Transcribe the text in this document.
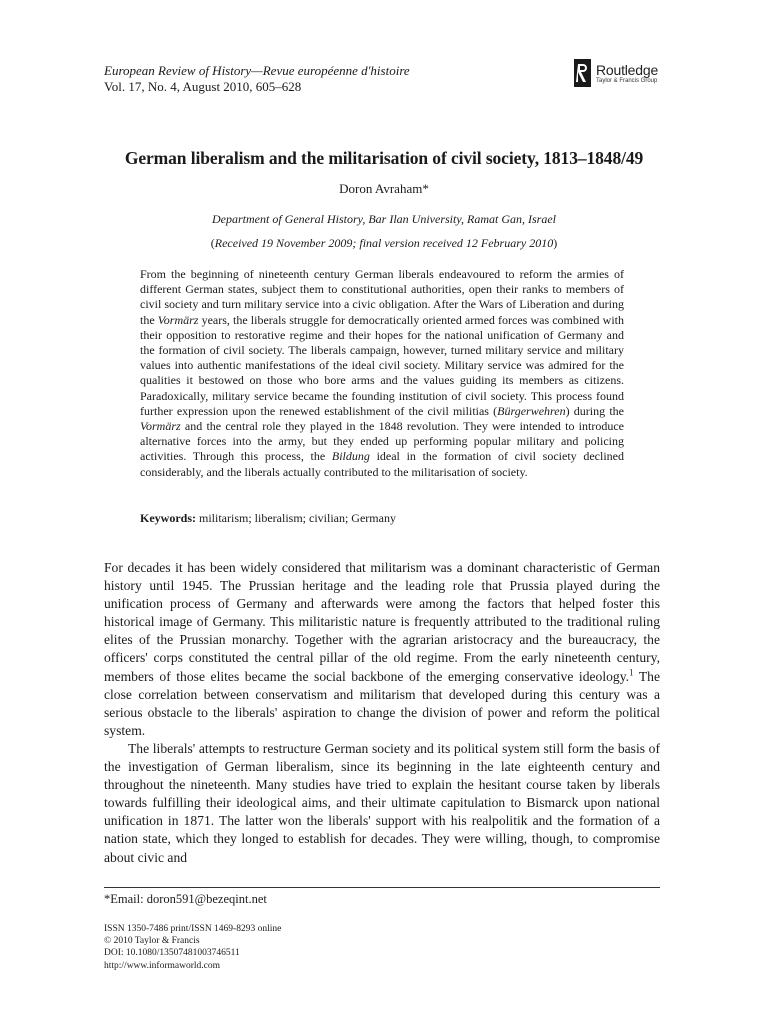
European Review of History—Revue européenne d'histoire
Vol. 17, No. 4, August 2010, 605–628
Routledge
Taylor & Francis Group
German liberalism and the militarisation of civil society, 1813–1848/49
Doron Avraham*
Department of General History, Bar Ilan University, Ramat Gan, Israel
(Received 19 November 2009; final version received 12 February 2010)

From the beginning of nineteenth century German liberals endeavoured to reform the armies of different German states, subject them to constitutional authorities, open their ranks to members of civil society and turn military service into a civic obligation. After the Wars of Liberation and during the Vormärz years, the liberals struggle for democratically oriented armed forces was combined with their opposition to restorative regime and their hopes for the national unification of Germany and the formation of civil society. The liberals campaign, however, turned military service and military values into authentic manifestations of the ideal civil society. Military service was admired for the qualities it bestowed on those who bore arms and the values guiding its members as citizens. Paradoxically, military service became the founding institution of civil society. This process found further expression upon the renewed establishment of the civil militias (Bürgerwehren) during the Vormärz and the central role they played in the 1848 revolution. They were intended to introduce alternative forces into the army, but they ended up performing popular military and policing activities. Through this process, the Bildung ideal in the formation of civil society declined considerably, and the liberals actually contributed to the militarisation of society.

Keywords: militarism; liberalism; civilian; Germany

For decades it has been widely considered that militarism was a dominant characteristic of German history until 1945. The Prussian heritage and the leading role that Prussia played during the unification process of Germany and afterwards were among the factors that helped foster this historical image of Germany. This militaristic nature is frequently attributed to the traditional ruling elites of the Prussian monarchy. Together with the agrarian aristocracy and the bureaucracy, the officers' corps constituted the central pillar of the old regime. From the early nineteenth century, members of those elites became the social backbone of the emerging conservative ideology.$^1$ The close correlation between conservatism and militarism that developed during this century was a serious obstacle to the liberals' aspiration to change the division of power and reform the political system.

The liberals' attempts to restructure German society and its political system still form the basis of the investigation of German liberalism, since its beginning in the late eighteenth century and throughout the nineteenth. Many studies have tried to explain the hesitant course taken by liberals towards fulfilling their ideological aims, and their ultimate capitulation to Bismarck upon national unification in 1871. The latter won the liberals' support with his realpolitik and the formation of a nation state, which they longed to establish for decades. They were willing, though, to compromise about civic and

*Email: doron591@bezeqint.net
ISSN 1350-7486 print/ISSN 1469-8293 online
© 2010 Taylor & Francis
DOI: 10.1080/13507481003746511
http://www.informaworld.com
